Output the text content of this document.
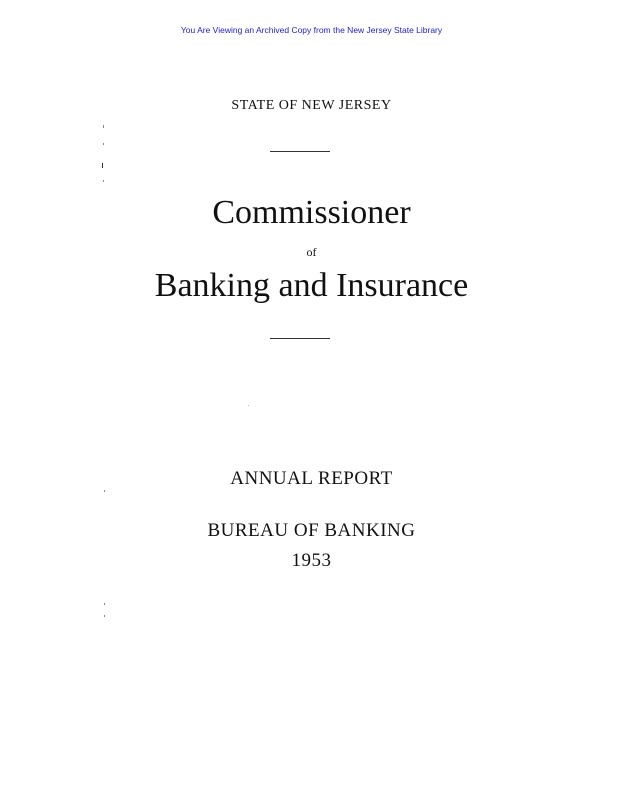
You Are Viewing an Archived Copy from the New Jersey State Library
STATE OF NEW JERSEY
Commissioner
of
Banking and Insurance
ANNUAL REPORT
BUREAU OF BANKING
1953
